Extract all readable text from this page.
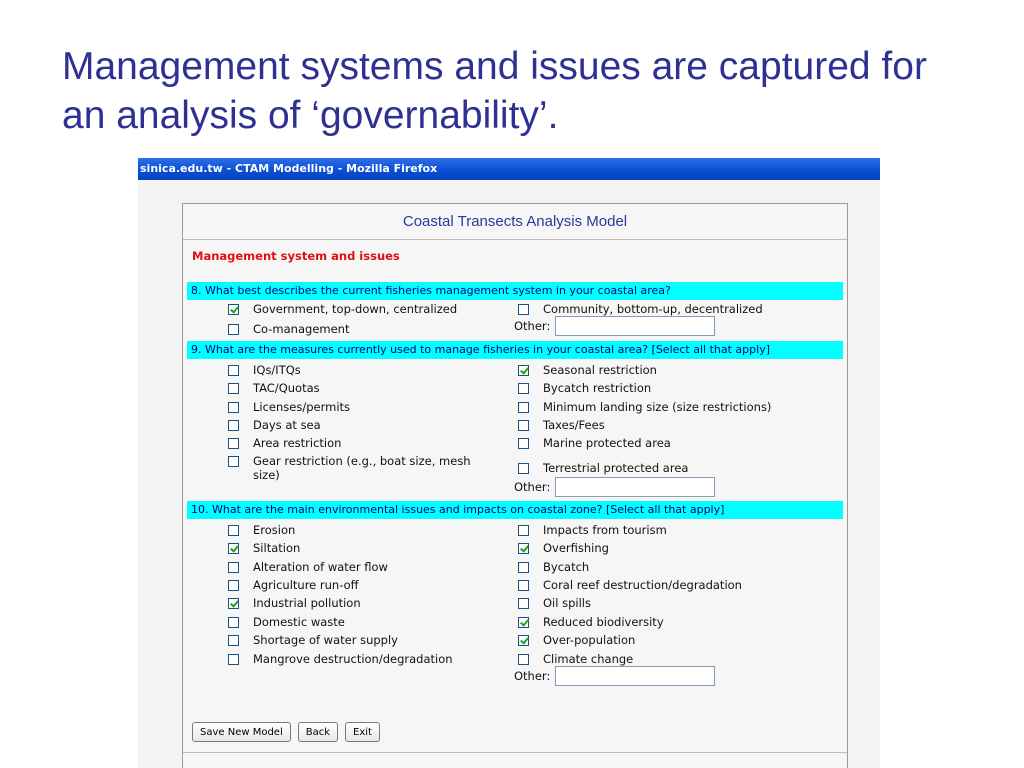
Management systems and issues are captured for
an analysis of ‘governability’.
sinica.edu.tw - CTAM Modelling - Mozilla Firefox
Coastal Transects Analysis Model
Management system and issues
8. What best describes the current fisheries management system in your coastal area?
Government, top-down, centralized	Community, bottom-up, decentralized
Co-management	Other:
9. What are the measures currently used to manage fisheries in your coastal area? [Select all that apply]
IQs/ITQs
TAC/Quotas
Licenses/permits
Days at sea
Area restriction
Gear restriction (e.g., boat size, mesh size)
Seasonal restriction
Bycatch restriction
Minimum landing size (size restrictions)
Taxes/Fees
Marine protected area
Terrestrial protected area
Other:
10. What are the main environmental issues and impacts on coastal zone? [Select all that apply]
Erosion
Siltation
Alteration of water flow
Agriculture run-off
Industrial pollution
Domestic waste
Shortage of water supply
Mangrove destruction/degradation
Impacts from tourism
Overfishing
Bycatch
Coral reef destruction/degradation
Oil spills
Reduced biodiversity
Over-population
Climate change
Other:
Save New Model	Back	Exit
